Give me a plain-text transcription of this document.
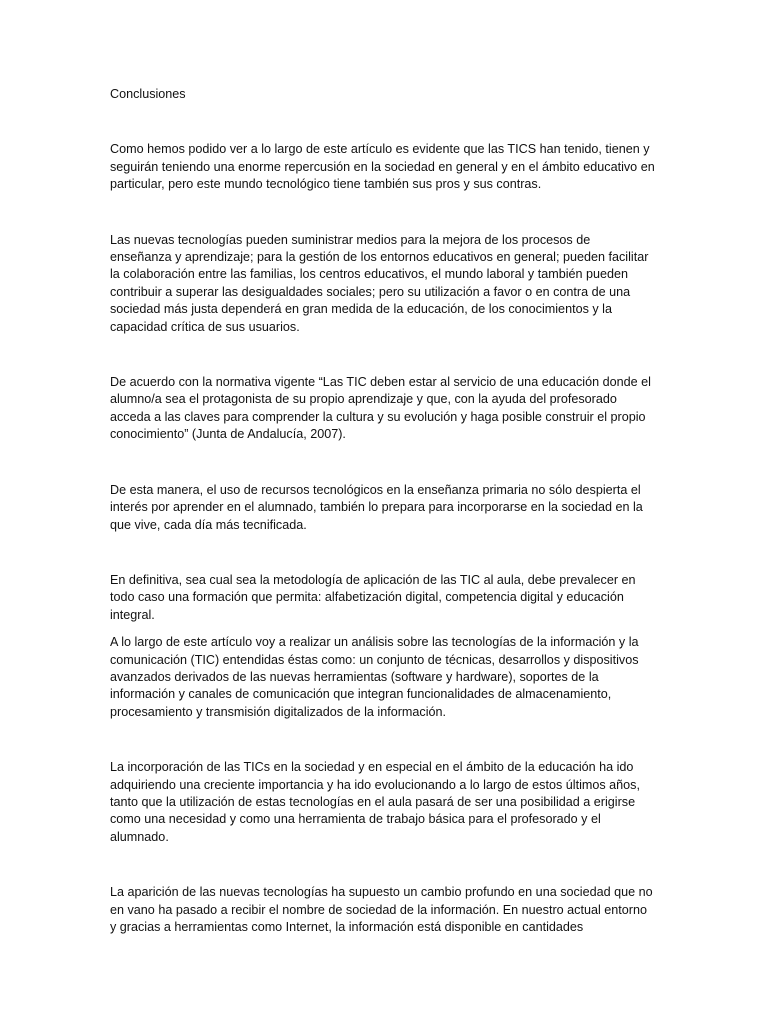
Conclusiones

Como hemos podido ver a lo largo de este artículo es evidente que las TICS han tenido, tienen y seguirán teniendo una enorme repercusión en la sociedad en general y en el ámbito educativo en particular, pero este mundo tecnológico tiene también sus pros y sus contras.

Las nuevas tecnologías pueden suministrar medios para la mejora de los procesos de enseñanza y aprendizaje; para la gestión de los entornos educativos en general; pueden facilitar la colaboración entre las familias, los centros educativos, el mundo laboral y también pueden contribuir a superar las desigualdades sociales; pero su utilización a favor o en contra de una sociedad más justa dependerá en gran medida de la educación, de los conocimientos y la capacidad crítica de sus usuarios.

De acuerdo con la normativa vigente “Las TIC deben estar al servicio de una educación donde el alumno/a sea el protagonista de su propio aprendizaje y que, con la ayuda del profesorado acceda a las claves para comprender la cultura y su evolución y haga posible construir el propio conocimiento” (Junta de Andalucía, 2007).

De esta manera, el uso de recursos tecnológicos en la enseñanza primaria no sólo despierta el interés por aprender en el alumnado, también lo prepara para incorporarse en la sociedad en la que vive, cada día más tecnificada.

En definitiva, sea cual sea la metodología de aplicación de las TIC al aula, debe prevalecer en todo caso una formación que permita: alfabetización digital, competencia digital y educación integral.

A lo largo de este artículo voy a realizar un análisis sobre las tecnologías de la información y la comunicación (TIC) entendidas éstas como: un conjunto de técnicas, desarrollos y dispositivos avanzados derivados de las nuevas herramientas (software y hardware), soportes de la información y canales de comunicación que integran funcionalidades de almacenamiento, procesamiento y transmisión digitalizados de la información.

La incorporación de las TICs en la sociedad y en especial en el ámbito de la educación ha ido adquiriendo una creciente importancia y ha ido evolucionando a lo largo de estos últimos años, tanto que la utilización de estas tecnologías en el aula pasará de ser una posibilidad a erigirse como una necesidad y como una herramienta de trabajo básica para el profesorado y el alumnado.

La aparición de las nuevas tecnologías ha supuesto un cambio profundo en una sociedad que no en vano ha pasado a recibir el nombre de sociedad de la información. En nuestro actual entorno y gracias a herramientas como Internet, la información está disponible en cantidades
